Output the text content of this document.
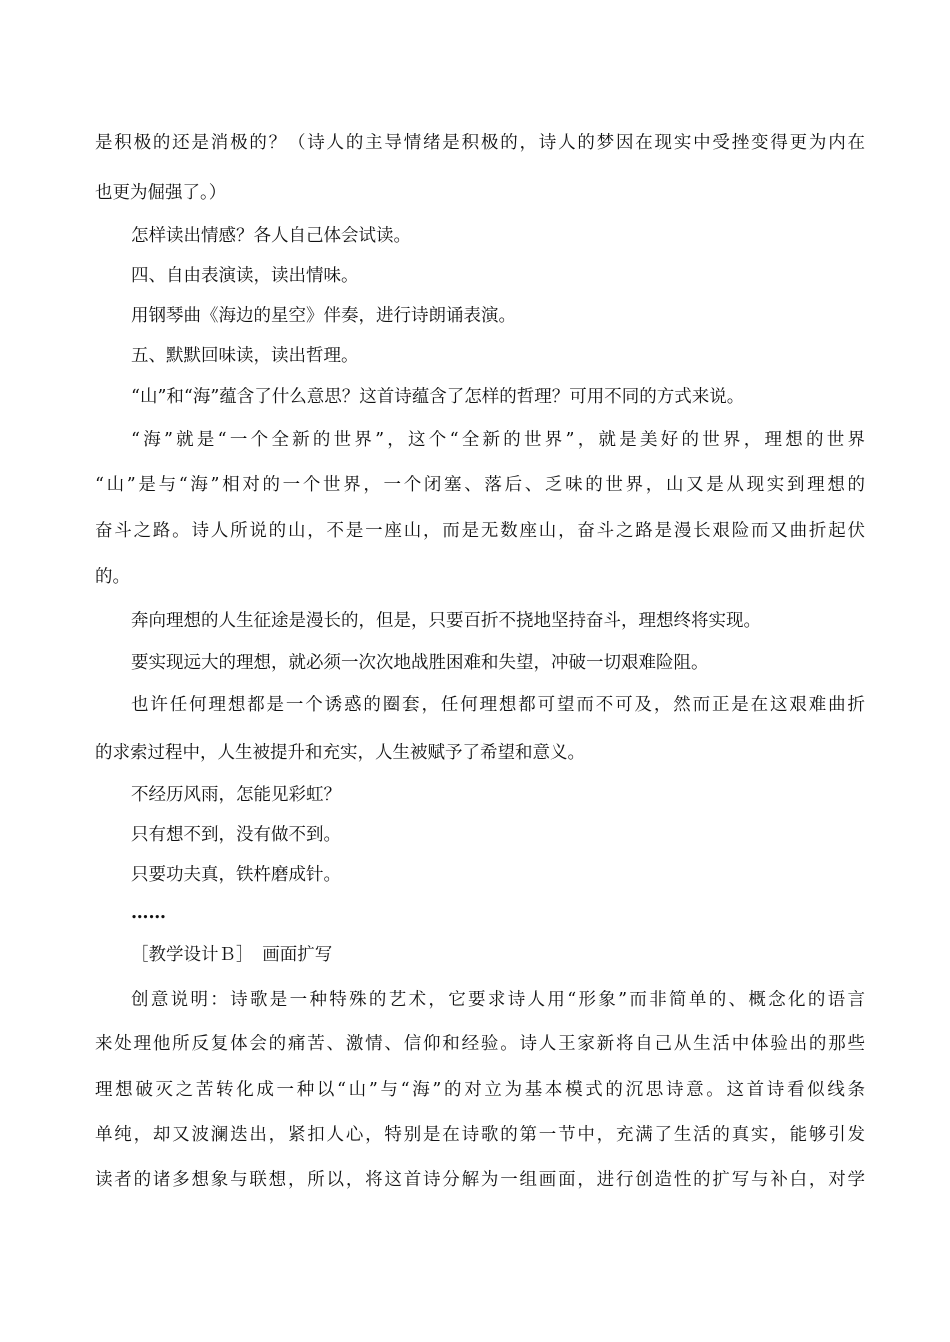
是积极的还是消极的？（诗人的主导情绪是积极的，诗人的梦因在现实中受挫变得更为内在
也更为倔强了。）
怎样读出情感？各人自己体会试读。
四、自由表演读，读出情味。
用钢琴曲《海边的星空》伴奏，进行诗朗诵表演。
五、默默回味读，读出哲理。
“山”和“海”蕴含了什么意思？这首诗蕴含了怎样的哲理？可用不同的方式来说。
“海”就是“一个全新的世界”，这个“全新的世界”，就是美好的世界，理想的世界
“山”是与“海”相对的一个世界，一个闭塞、落后、乏味的世界，山又是从现实到理想的
奋斗之路。诗人所说的山，不是一座山，而是无数座山，奋斗之路是漫长艰险而又曲折起伏
的。
奔向理想的人生征途是漫长的，但是，只要百折不挠地坚持奋斗，理想终将实现。
要实现远大的理想，就必须一次次地战胜困难和失望，冲破一切艰难险阻。
也许任何理想都是一个诱惑的圈套，任何理想都可望而不可及，然而正是在这艰难曲折
的求索过程中，人生被提升和充实，人生被赋予了希望和意义。
不经历风雨，怎能见彩虹？
只有想不到，没有做不到。
只要功夫真，铁杵磨成针。
……
［教学设计Ｂ］　画面扩写
创意说明：诗歌是一种特殊的艺术，它要求诗人用“形象”而非简单的、概念化的语言
来处理他所反复体会的痛苦、激情、信仰和经验。诗人王家新将自己从生活中体验出的那些
理想破灭之苦转化成一种以“山”与“海”的对立为基本模式的沉思诗意。这首诗看似线条
单纯，却又波澜迭出，紧扣人心，特别是在诗歌的第一节中，充满了生活的真实，能够引发
读者的诸多想象与联想，所以，将这首诗分解为一组画面，进行创造性的扩写与补白，对学
